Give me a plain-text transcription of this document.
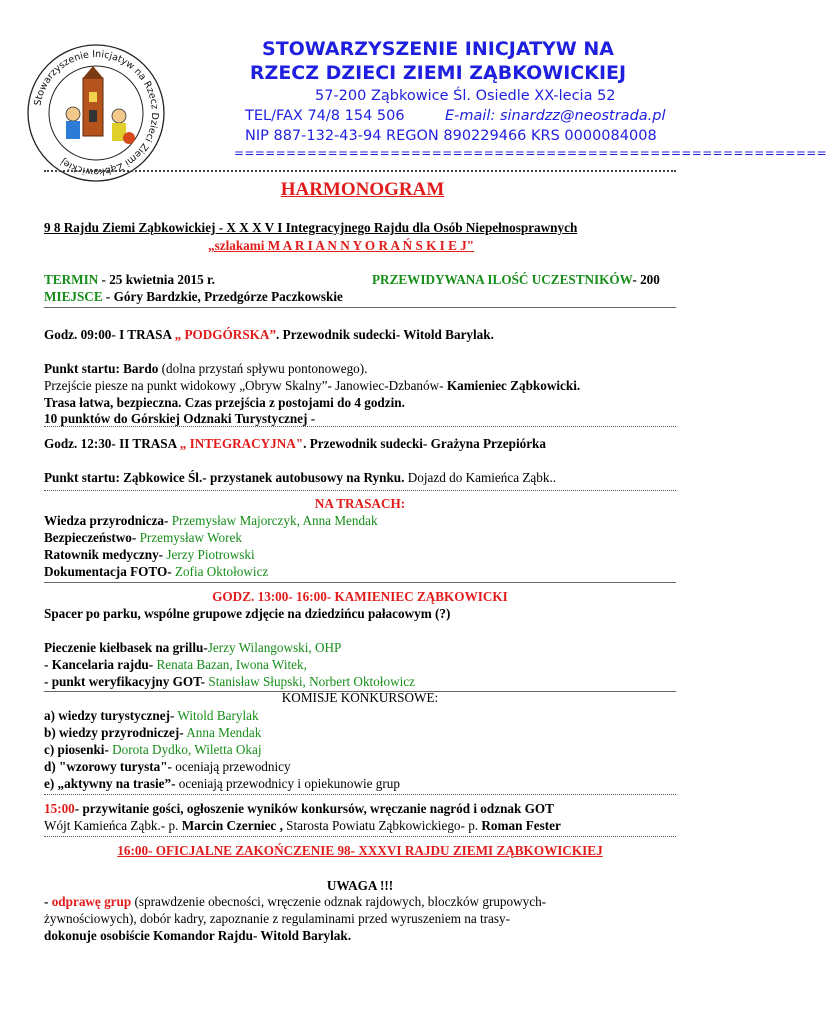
Stowarzyszenie Inicjatyw na Rzecz Dzieci Ziemi Ząbkowickiej
STOWARZYSZENIE INICJATYW NA
RZECZ DZIECI ZIEMI ZĄBKOWICKIEJ
57-200 Ząbkowice Śl. Osiedle XX-lecia 52
TEL/FAX 74/8 154 506	E-mail: sinardzz@neostrada.pl
NIP 887-132-43-94 REGON 890229466 KRS 0000084008
=========================================================
HARMONOGRAM
9 8 Rajdu Ziemi Ząbkowickiej - X X X V I Integracyjnego Rajdu dla Osób Niepełnosprawnych
„szlakami M A R I A N N Y O R A Ń S K I E J"
TERMIN - 25 kwietnia 2015 r.	PRZEWIDYWANA ILOŚĆ UCZESTNIKÓW- 200
MIEJSCE - Góry Bardzkie, Przedgórze Paczkowskie
Godz. 09:00- I TRASA „ PODGÓRSKA”. Przewodnik sudecki- Witold Barylak.
Punkt startu: Bardo (dolna przystań spływu pontonowego).
Przejście piesze na punkt widokowy „Obryw Skalny”- Janowiec-Dzbanów- Kamieniec Ząbkowicki.
Trasa łatwa, bezpieczna. Czas przejścia z postojami do 4 godzin.
10 punktów do Górskiej Odznaki Turystycznej -
Godz. 12:30- II TRASA „ INTEGRACYJNA". Przewodnik sudecki- Grażyna Przepiórka
Punkt startu: Ząbkowice Śl.- przystanek autobusowy na Rynku. Dojazd do Kamieńca Ząbk..
NA TRASACH:
Wiedza przyrodnicza- Przemysław Majorczyk, Anna Mendak
Bezpieczeństwo- Przemysław Worek
Ratownik medyczny- Jerzy Piotrowski
Dokumentacja FOTO- Zofia Oktołowicz
GODZ. 13:00- 16:00- KAMIENIEC ZĄBKOWICKI
Spacer po parku, wspólne grupowe zdjęcie na dziedzińcu pałacowym (?)
Pieczenie kiełbasek na grillu-Jerzy Wilangowski, OHP
- Kancelaria rajdu- Renata Bazan, Iwona Witek,
- punkt weryfikacyjny GOT- Stanisław Słupski, Norbert Oktołowicz
KOMISJE KONKURSOWE:
a) wiedzy turystycznej- Witold Barylak
b) wiedzy przyrodniczej- Anna Mendak
c) piosenki- Dorota Dydko, Wiletta Okaj
d) "wzorowy turysta"- oceniają przewodnicy
e) „aktywny na trasie”- oceniają przewodnicy i opiekunowie grup
15:00- przywitanie gości, ogłoszenie wyników konkursów, wręczanie nagród i odznak GOT
Wójt Kamieńca Ząbk.- p. Marcin Czerniec , Starosta Powiatu Ząbkowickiego- p. Roman Fester
16:00- OFICJALNE ZAKOŃCZENIE 98- XXXVI RAJDU ZIEMI ZĄBKOWICKIEJ
UWAGA !!!
- odprawę grup (sprawdzenie obecności, wręczenie odznak rajdowych, bloczków grupowych-
żywnościowych), dobór kadry, zapoznanie z regulaminami przed wyruszeniem na trasy-
dokonuje osobiście Komandor Rajdu- Witold Barylak.
